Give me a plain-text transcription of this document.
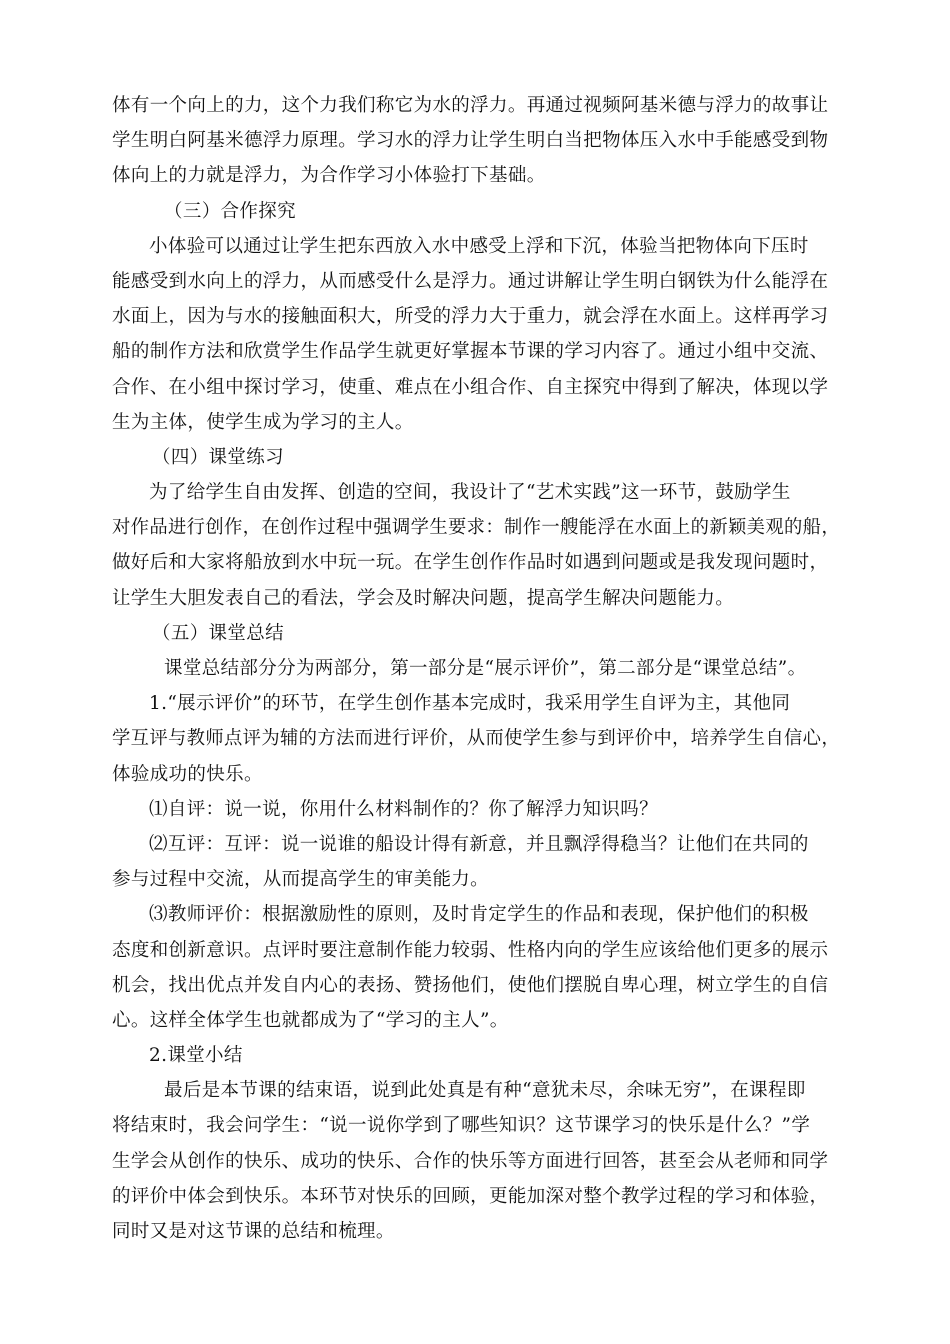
体有一个向上的力，这个力我们称它为水的浮力。再通过视频阿基米德与浮力的故事让
学生明白阿基米德浮力原理。学习水的浮力让学生明白当把物体压入水中手能感受到物
体向上的力就是浮力，为合作学习小体验打下基础。
（三）合作探究
小体验可以通过让学生把东西放入水中感受上浮和下沉，体验当把物体向下压时
能感受到水向上的浮力，从而感受什么是浮力。通过讲解让学生明白钢铁为什么能浮在
水面上，因为与水的接触面积大，所受的浮力大于重力，就会浮在水面上。这样再学习
船的制作方法和欣赏学生作品学生就更好掌握本节课的学习内容了。通过小组中交流、
合作、在小组中探讨学习，使重、难点在小组合作、自主探究中得到了解决，体现以学
生为主体，使学生成为学习的主人。
（四）课堂练习
为了给学生自由发挥、创造的空间，我设计了“艺术实践”这一环节，鼓励学生
对作品进行创作，在创作过程中强调学生要求：制作一艘能浮在水面上的新颖美观的船，
做好后和大家将船放到水中玩一玩。在学生创作作品时如遇到问题或是我发现问题时，
让学生大胆发表自己的看法，学会及时解决问题，提高学生解决问题能力。
（五）课堂总结
课堂总结部分分为两部分，第一部分是“展示评价”，第二部分是“课堂总结”。
1.“展示评价”的环节，在学生创作基本完成时，我采用学生自评为主，其他同
学互评与教师点评为辅的方法而进行评价，从而使学生参与到评价中，培养学生自信心，
体验成功的快乐。
⑴自评：说一说，你用什么材料制作的？你了解浮力知识吗？
⑵互评：互评：说一说谁的船设计得有新意，并且飘浮得稳当？让他们在共同的
参与过程中交流，从而提高学生的审美能力。
⑶教师评价：根据激励性的原则，及时肯定学生的作品和表现，保护他们的积极
态度和创新意识。点评时要注意制作能力较弱、性格内向的学生应该给他们更多的展示
机会，找出优点并发自内心的表扬、赞扬他们，使他们摆脱自卑心理，树立学生的自信
心。这样全体学生也就都成为了“学习的主人”。
2.课堂小结
最后是本节课的结束语，说到此处真是有种“意犹未尽，余味无穷”，在课程即
将结束时，我会问学生：“说一说你学到了哪些知识？这节课学习的快乐是什么？”学
生学会从创作的快乐、成功的快乐、合作的快乐等方面进行回答，甚至会从老师和同学
的评价中体会到快乐。本环节对快乐的回顾，更能加深对整个教学过程的学习和体验，
同时又是对这节课的总结和梳理。
